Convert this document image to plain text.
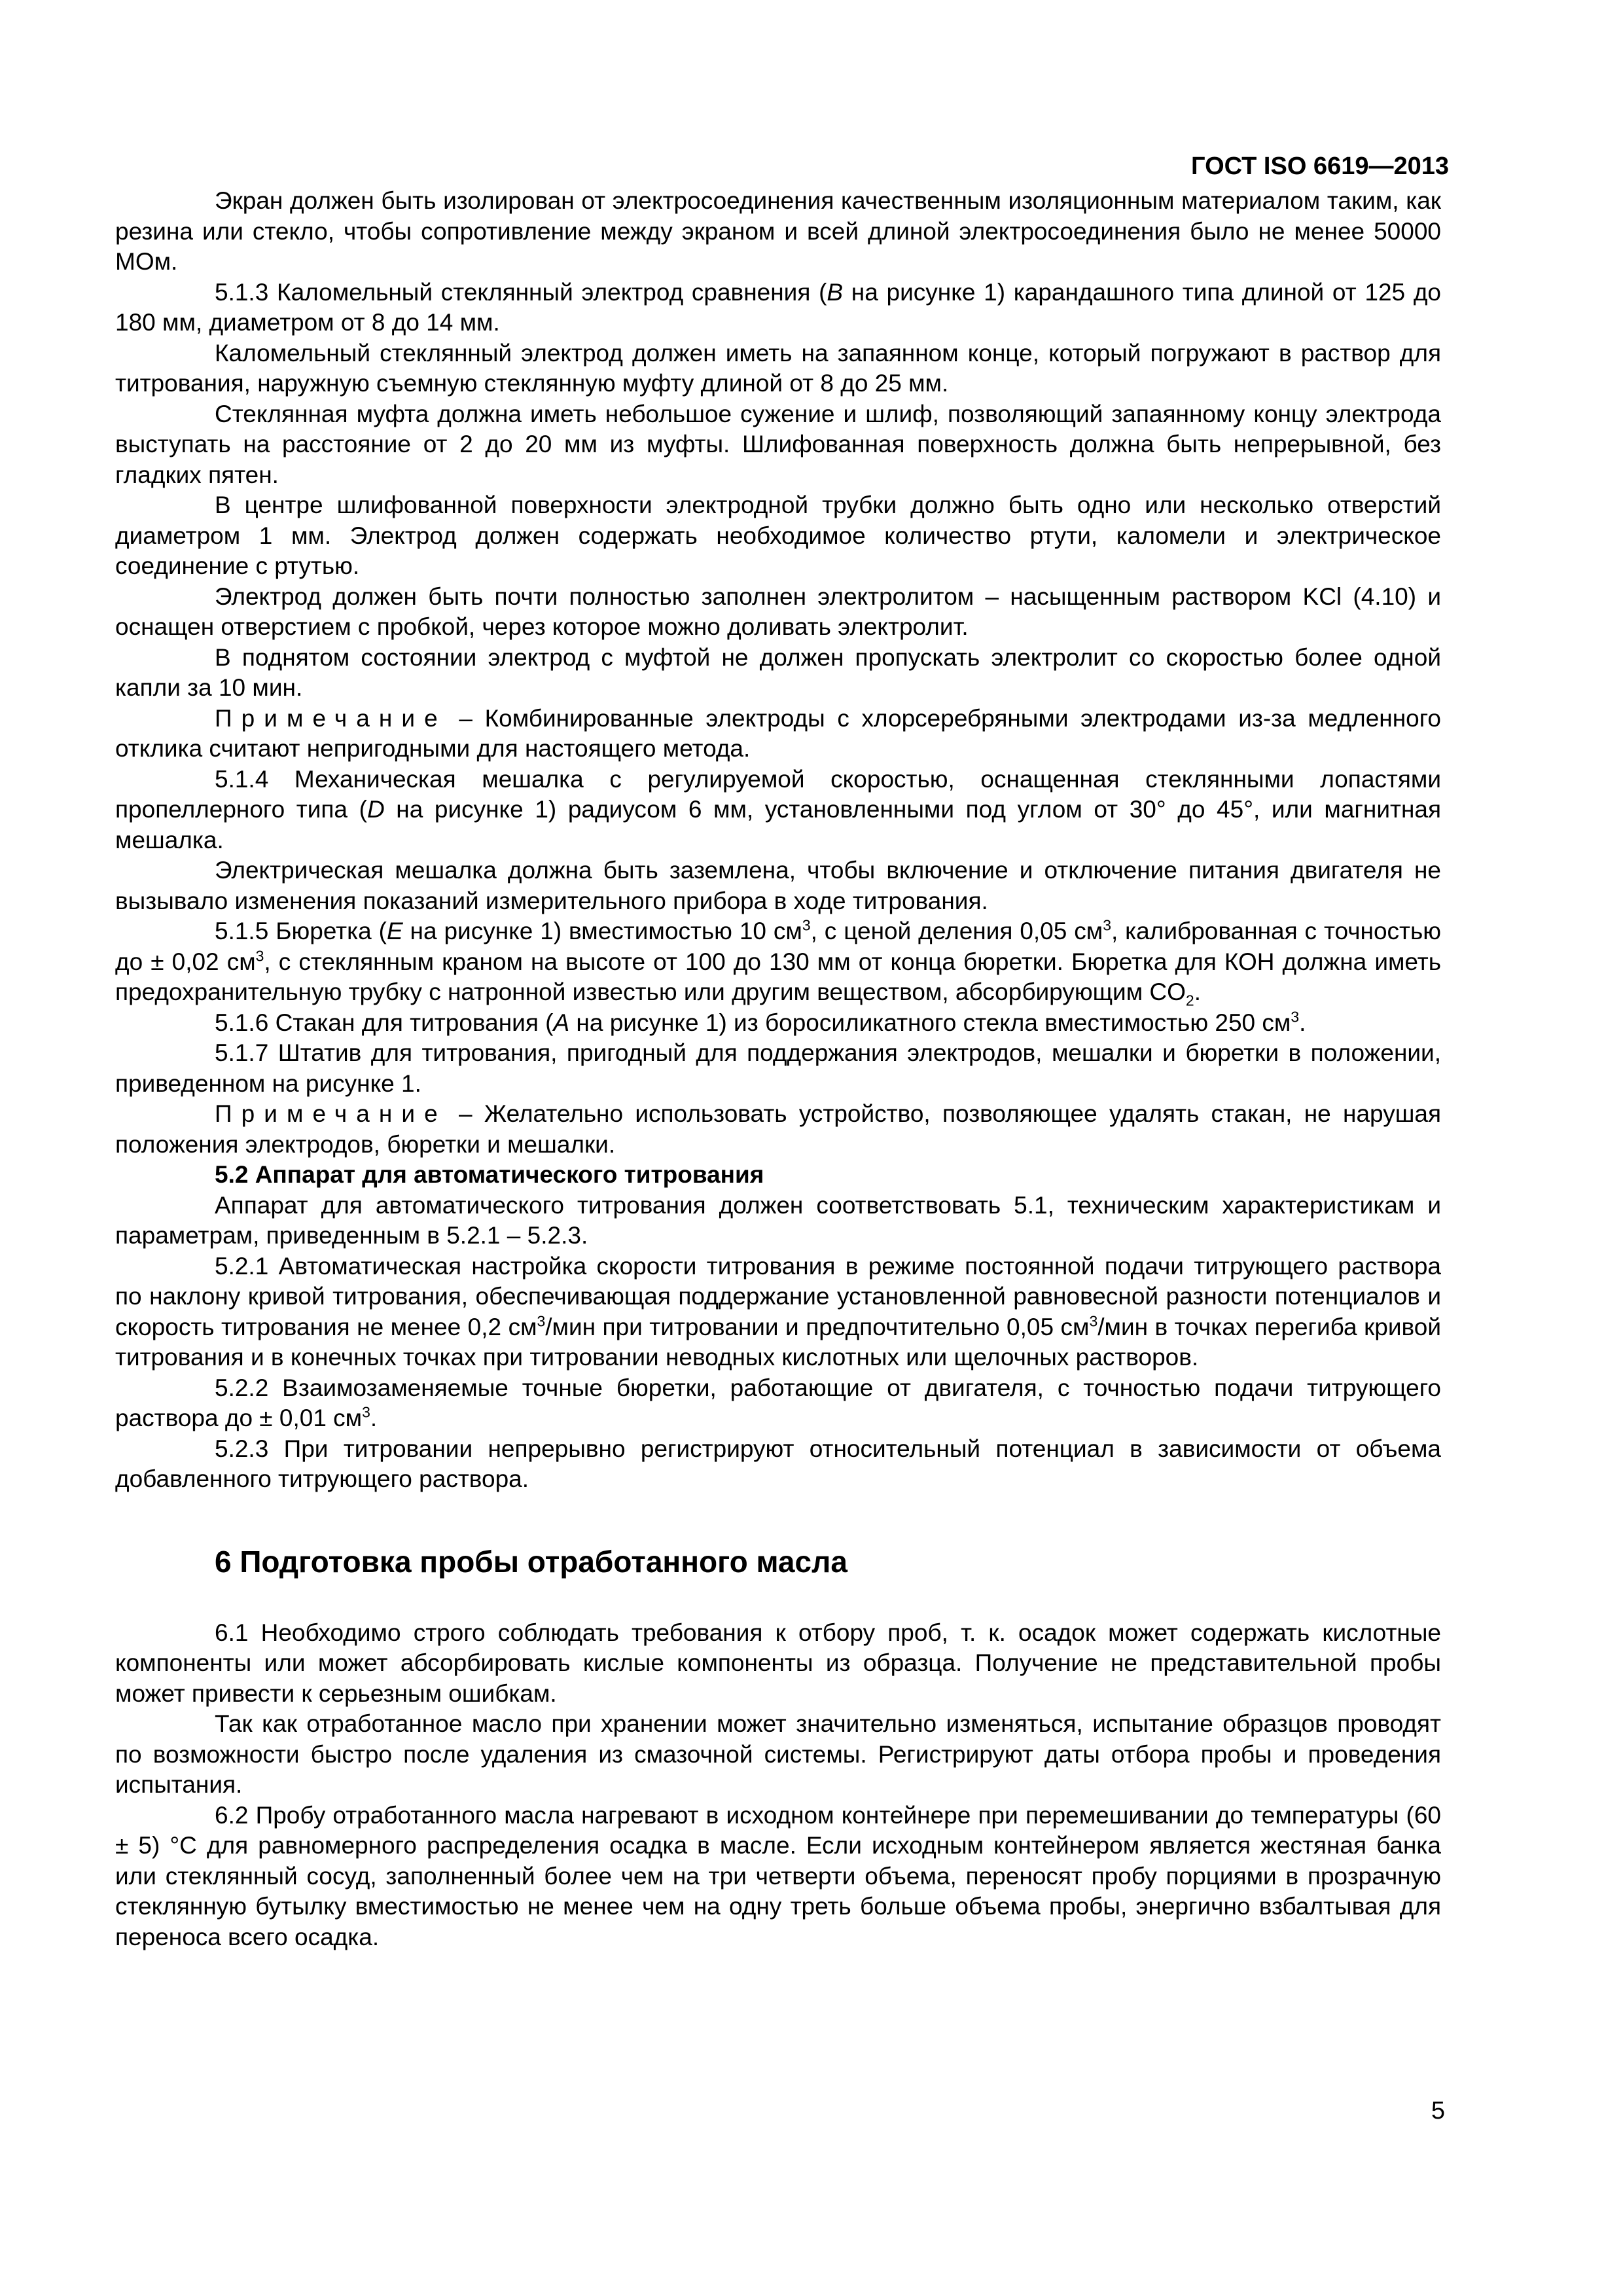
ГОСТ ISO 6619—2013

Экран должен быть изолирован от электросоединения качественным изоляционным материалом таким, как резина или стекло, чтобы сопротивление между экраном и всей длиной электросоединения было не менее 50000 МОм.

5.1.3 Каломельный стеклянный электрод сравнения (B на рисунке 1) карандашного типа длиной от 125 до 180 мм, диаметром от 8 до 14 мм.

Каломельный стеклянный электрод должен иметь на запаянном конце, который погружают в раствор для титрования, наружную съемную стеклянную муфту длиной от 8 до 25 мм.

Стеклянная муфта должна иметь небольшое сужение и шлиф, позволяющий запаянному концу электрода выступать на расстояние от 2 до 20 мм из муфты. Шлифованная поверхность должна быть непрерывной, без гладких пятен.

В центре шлифованной поверхности электродной трубки должно быть одно или несколько отверстий диаметром 1 мм. Электрод должен содержать необходимое количество ртути, каломели и электрическое соединение с ртутью.

Электрод должен быть почти полностью заполнен электролитом – насыщенным раствором KCl (4.10) и оснащен отверстием с пробкой, через которое можно доливать электролит.

В поднятом состоянии электрод с муфтой не должен пропускать электролит со скоростью более одной капли за 10 мин.

Примечание – Комбинированные электроды с хлорсеребряными электродами из-за медленного отклика считают непригодными для настоящего метода.

5.1.4 Механическая мешалка с регулируемой скоростью, оснащенная стеклянными лопастями пропеллерного типа (D на рисунке 1) радиусом 6 мм, установленными под углом от 30° до 45°, или магнитная мешалка.

Электрическая мешалка должна быть заземлена, чтобы включение и отключение питания двигателя не вызывало изменения показаний измерительного прибора в ходе титрования.

5.1.5 Бюретка (E на рисунке 1) вместимостью 10 $см^3$, с ценой деления 0,05 $см^3$, калиброванная с точностью до ± 0,02 $см^3$, с стеклянным краном на высоте от 100 до 130 мм от конца бюретки. Бюретка для КОН должна иметь предохранительную трубку с натронной известью или другим веществом, абсорбирующим $CO_2$.

5.1.6 Стакан для титрования (A на рисунке 1) из боросиликатного стекла вместимостью 250 $см^3$.

5.1.7 Штатив для титрования, пригодный для поддержания электродов, мешалки и бюретки в положении, приведенном на рисунке 1.

Примечание – Желательно использовать устройство, позволяющее удалять стакан, не нарушая положения электродов, бюретки и мешалки.

5.2 Аппарат для автоматического титрования

Аппарат для автоматического титрования должен соответствовать 5.1, техническим характеристикам и параметрам, приведенным в 5.2.1 – 5.2.3.

5.2.1 Автоматическая настройка скорости титрования в режиме постоянной подачи титрующего раствора по наклону кривой титрования, обеспечивающая поддержание установленной равновесной разности потенциалов и скорость титрования не менее 0,2 $см^3$/мин при титровании и предпочтительно 0,05 $см^3$/мин в точках перегиба кривой титрования и в конечных точках при титровании неводных кислотных или щелочных растворов.

5.2.2 Взаимозаменяемые точные бюретки, работающие от двигателя, с точностью подачи титрующего раствора до ± 0,01 $см^3$.

5.2.3 При титровании непрерывно регистрируют относительный потенциал в зависимости от объема добавленного титрующего раствора.

6 Подготовка пробы отработанного масла

6.1 Необходимо строго соблюдать требования к отбору проб, т. к. осадок может содержать кислотные компоненты или может абсорбировать кислые компоненты из образца. Получение не представительной пробы может привести к серьезным ошибкам.

Так как отработанное масло при хранении может значительно изменяться, испытание образцов проводят по возможности быстро после удаления из смазочной системы. Регистрируют даты отбора пробы и проведения испытания.

6.2 Пробу отработанного масла нагревают в исходном контейнере при перемешивании до температуры (60 ± 5) °C для равномерного распределения осадка в масле. Если исходным контейнером является жестяная банка или стеклянный сосуд, заполненный более чем на три четверти объема, переносят пробу порциями в прозрачную стеклянную бутылку вместимостью не менее чем на одну треть больше объема пробы, энергично взбалтывая для переноса всего осадка.

5
